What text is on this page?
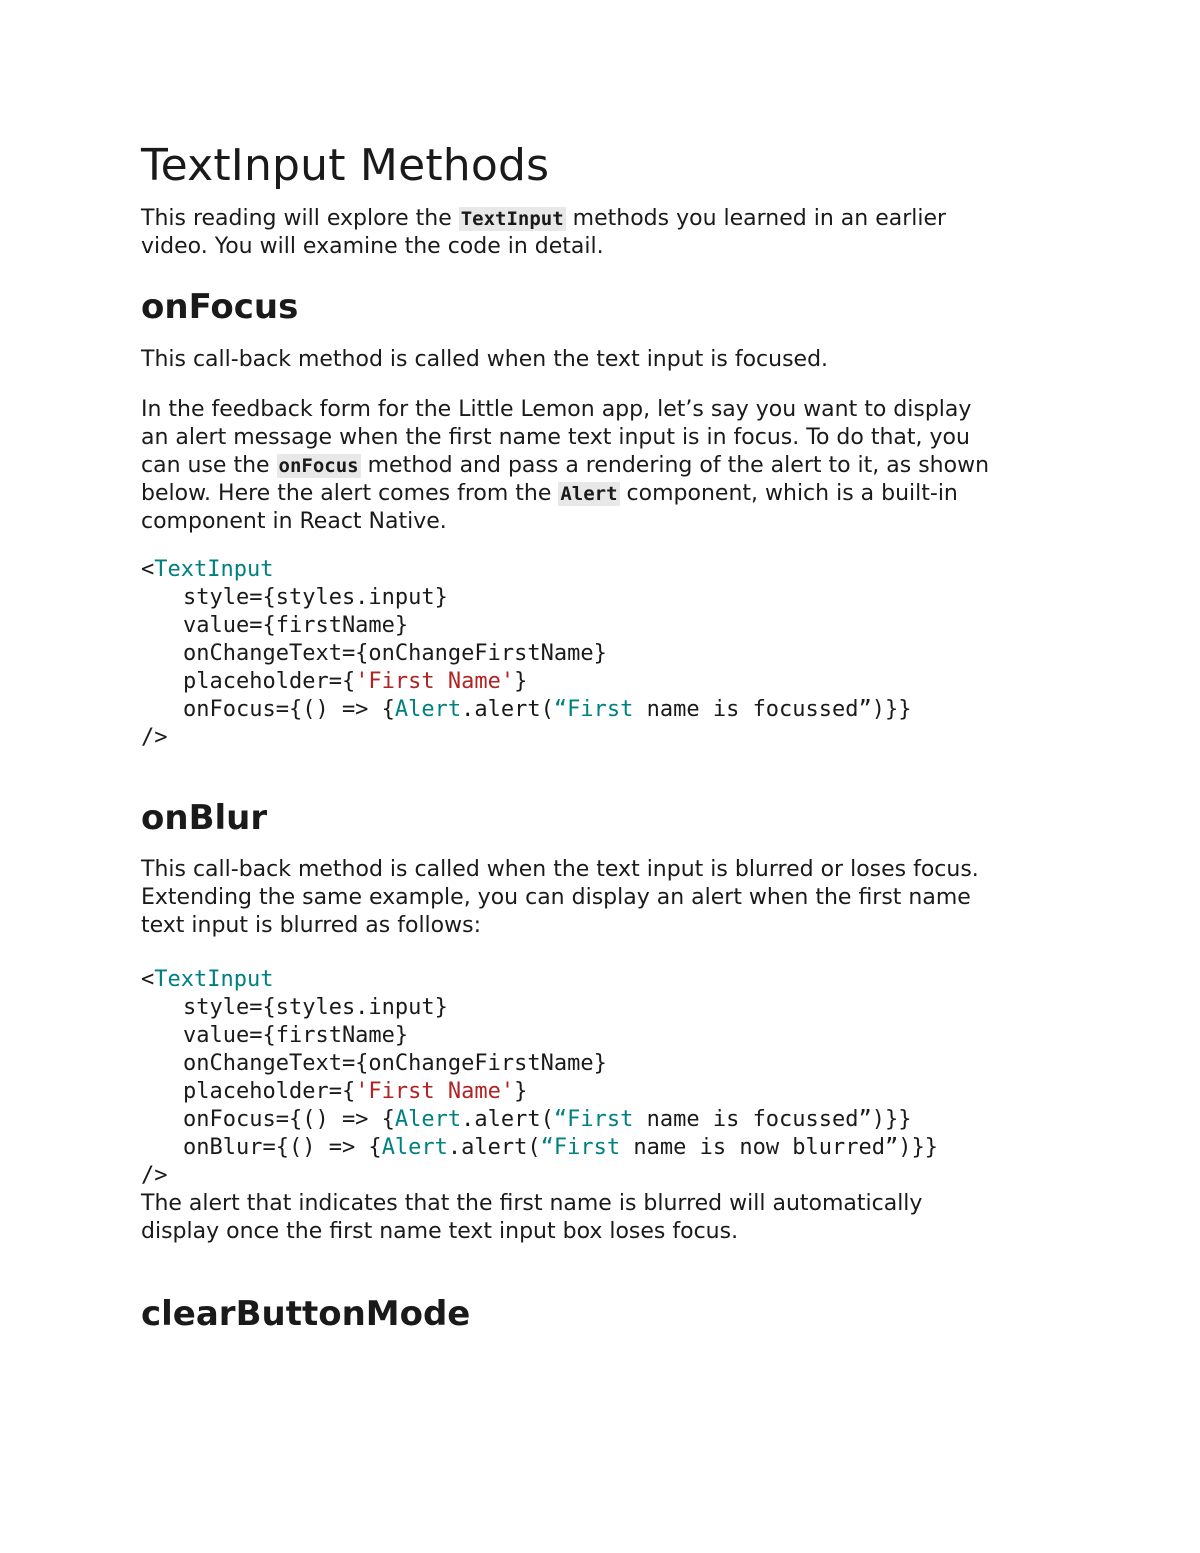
TextInput Methods

This reading will explore the TextInput methods you learned in an earlier
video. You will examine the code in detail.

onFocus

This call-back method is called when the text input is focused.

In the feedback form for the Little Lemon app, let’s say you want to display
an alert message when the first name text input is in focus. To do that, you
can use the onFocus method and pass a rendering of the alert to it, as shown
below. Here the alert comes from the Alert component, which is a built-in
component in React Native.

<TextInput
style={styles.input}
value={firstName}
onChangeText={onChangeFirstName}
placeholder={'First Name'}
onFocus={() => {Alert.alert(“First name is focussed”)}}
/>
onBlur

This call-back method is called when the text input is blurred or loses focus.
Extending the same example, you can display an alert when the first name
text input is blurred as follows:

<TextInput
style={styles.input}
value={firstName}
onChangeText={onChangeFirstName}
placeholder={'First Name'}
onFocus={() => {Alert.alert(“First name is focussed”)}}
onBlur={() => {Alert.alert(“First name is now blurred”)}}
/>

The alert that indicates that the first name is blurred will automatically
display once the first name text input box loses focus.

clearButtonMode
